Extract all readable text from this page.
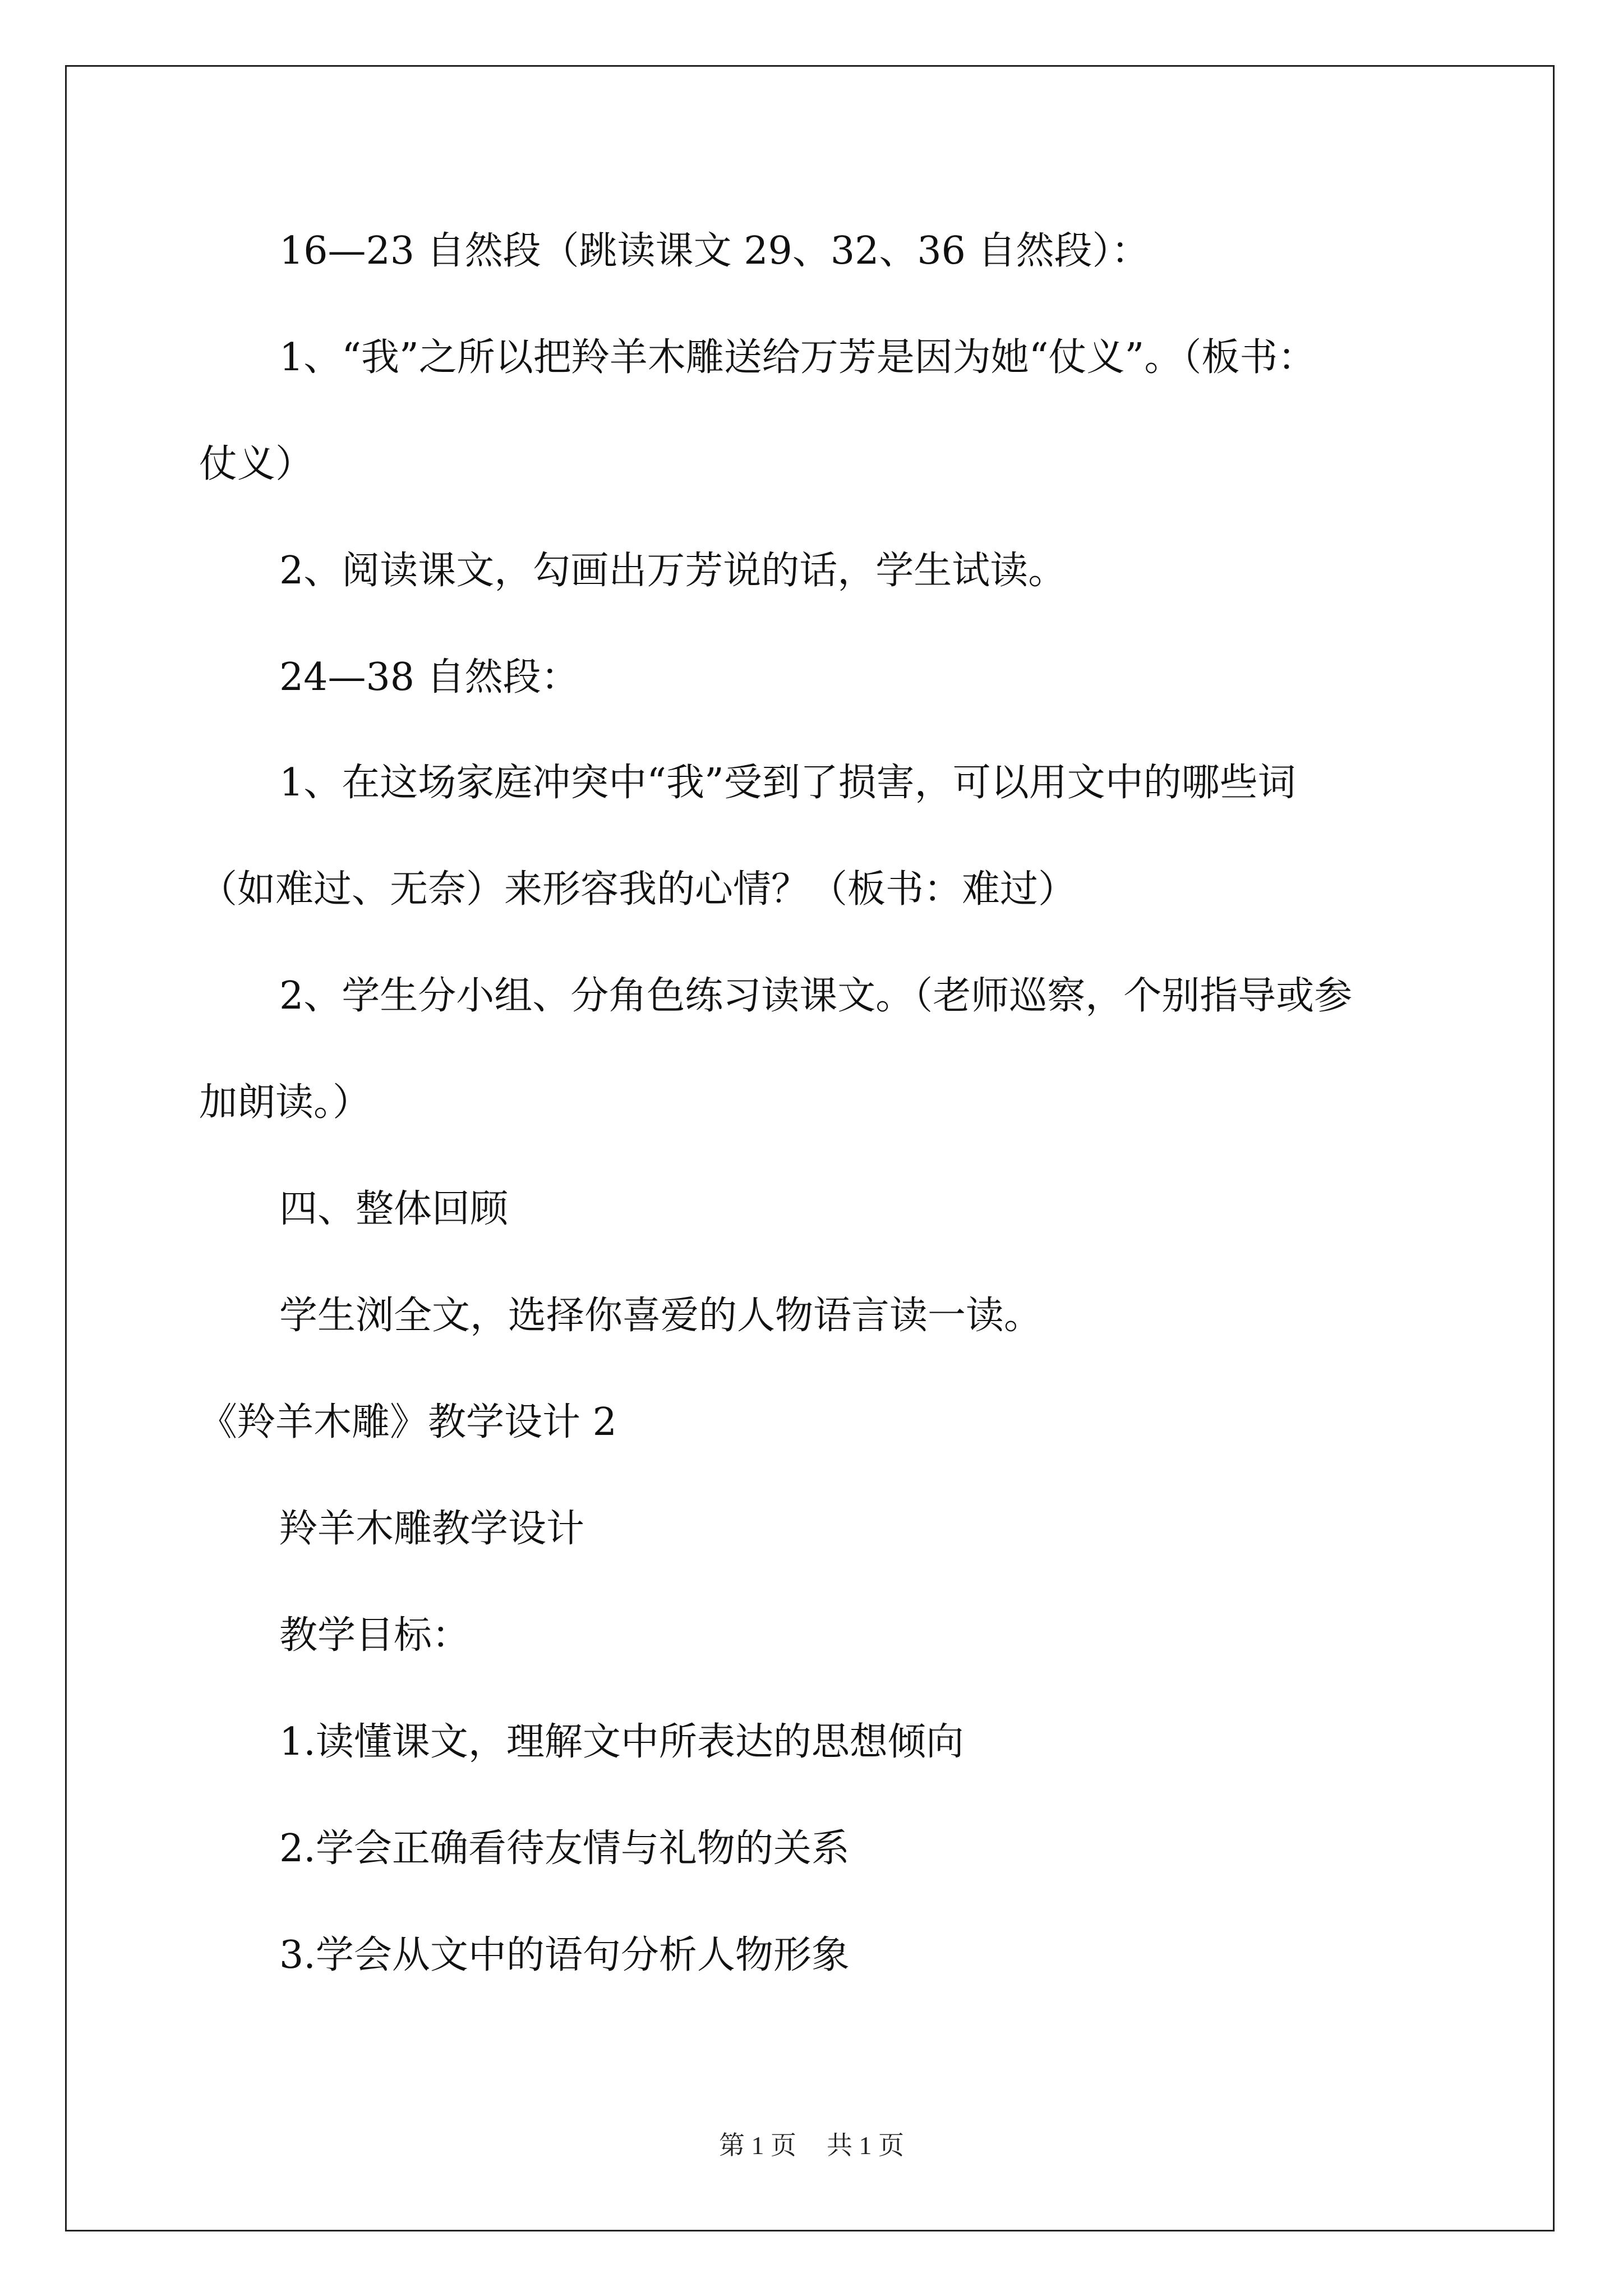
16—23 自然段（跳读课文 29、32、36 自然段）：
1、“我”之所以把羚羊木雕送给万芳是因为她“仗义”。（板书：
仗义）
2、阅读课文，勾画出万芳说的话，学生试读。
24—38 自然段：
1、在这场家庭冲突中“我”受到了损害，可以用文中的哪些词
（如难过、无奈）来形容我的心情？（板书：难过）
2、学生分小组、分角色练习读课文。（老师巡察，个别指导或参
加朗读。）
四、整体回顾
学生浏全文，选择你喜爱的人物语言读一读。
《羚羊木雕》教学设计 2
羚羊木雕教学设计
教学目标：
1.读懂课文，理解文中所表达的思想倾向
2.学会正确看待友情与礼物的关系
3.学会从文中的语句分析人物形象
第 1 页 共 1 页
